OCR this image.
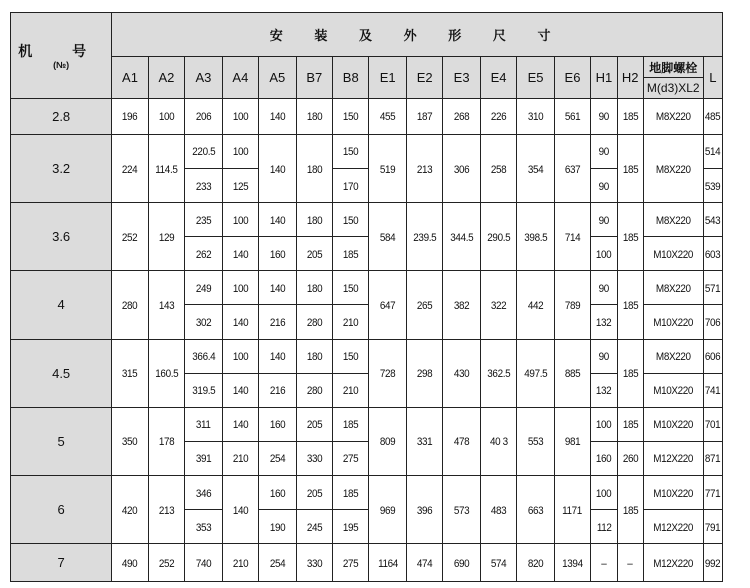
机 号
(№)	安 装 及 外 形 尺 寸																
	A1	A2	A3	A4	A5	B7	B8	E1	E2	E3	E4	E5	E6	H1	H2	地脚螺栓	L
																M(d3)XL2	
2.8	196	100	206	100	140	180	150	455	187	268	226	310	561	90	185	M8X220	485
3.2	224	114.5	220.5	100	140	180	150	519	213	306	258	354	637	90	185	M8X220	514
			233	125			170							90			539
3.6	252	129	235	100	140	180	150	584	239.5	344.5	290.5	398.5	714	90	185	M8X220	543
			262	140	160	205	185							100		M10X220	603
4	280	143	249	100	140	180	150	647	265	382	322	442	789	90	185	M8X220	571
			302	140	216	280	210							132		M10X220	706
4.5	315	160.5	366.4	100	140	180	150	728	298	430	362.5	497.5	885	90	185	M8X220	606
			319.5	140	216	280	210							132		M10X220	741
5	350	178	311	140	160	205	185	809	331	478	40 3	553	981	100	185	M10X220	701
			391	210	254	330	275							160	260	M12X220	871
6	420	213	346	140	160	205	185	969	396	573	483	663	1171	100	185	M10X220	771
			353		190	245	195							112		M12X220	791
7	490	252	740	210	254	330	275	1164	474	690	574	820	1394	–	–	M12X220	992
